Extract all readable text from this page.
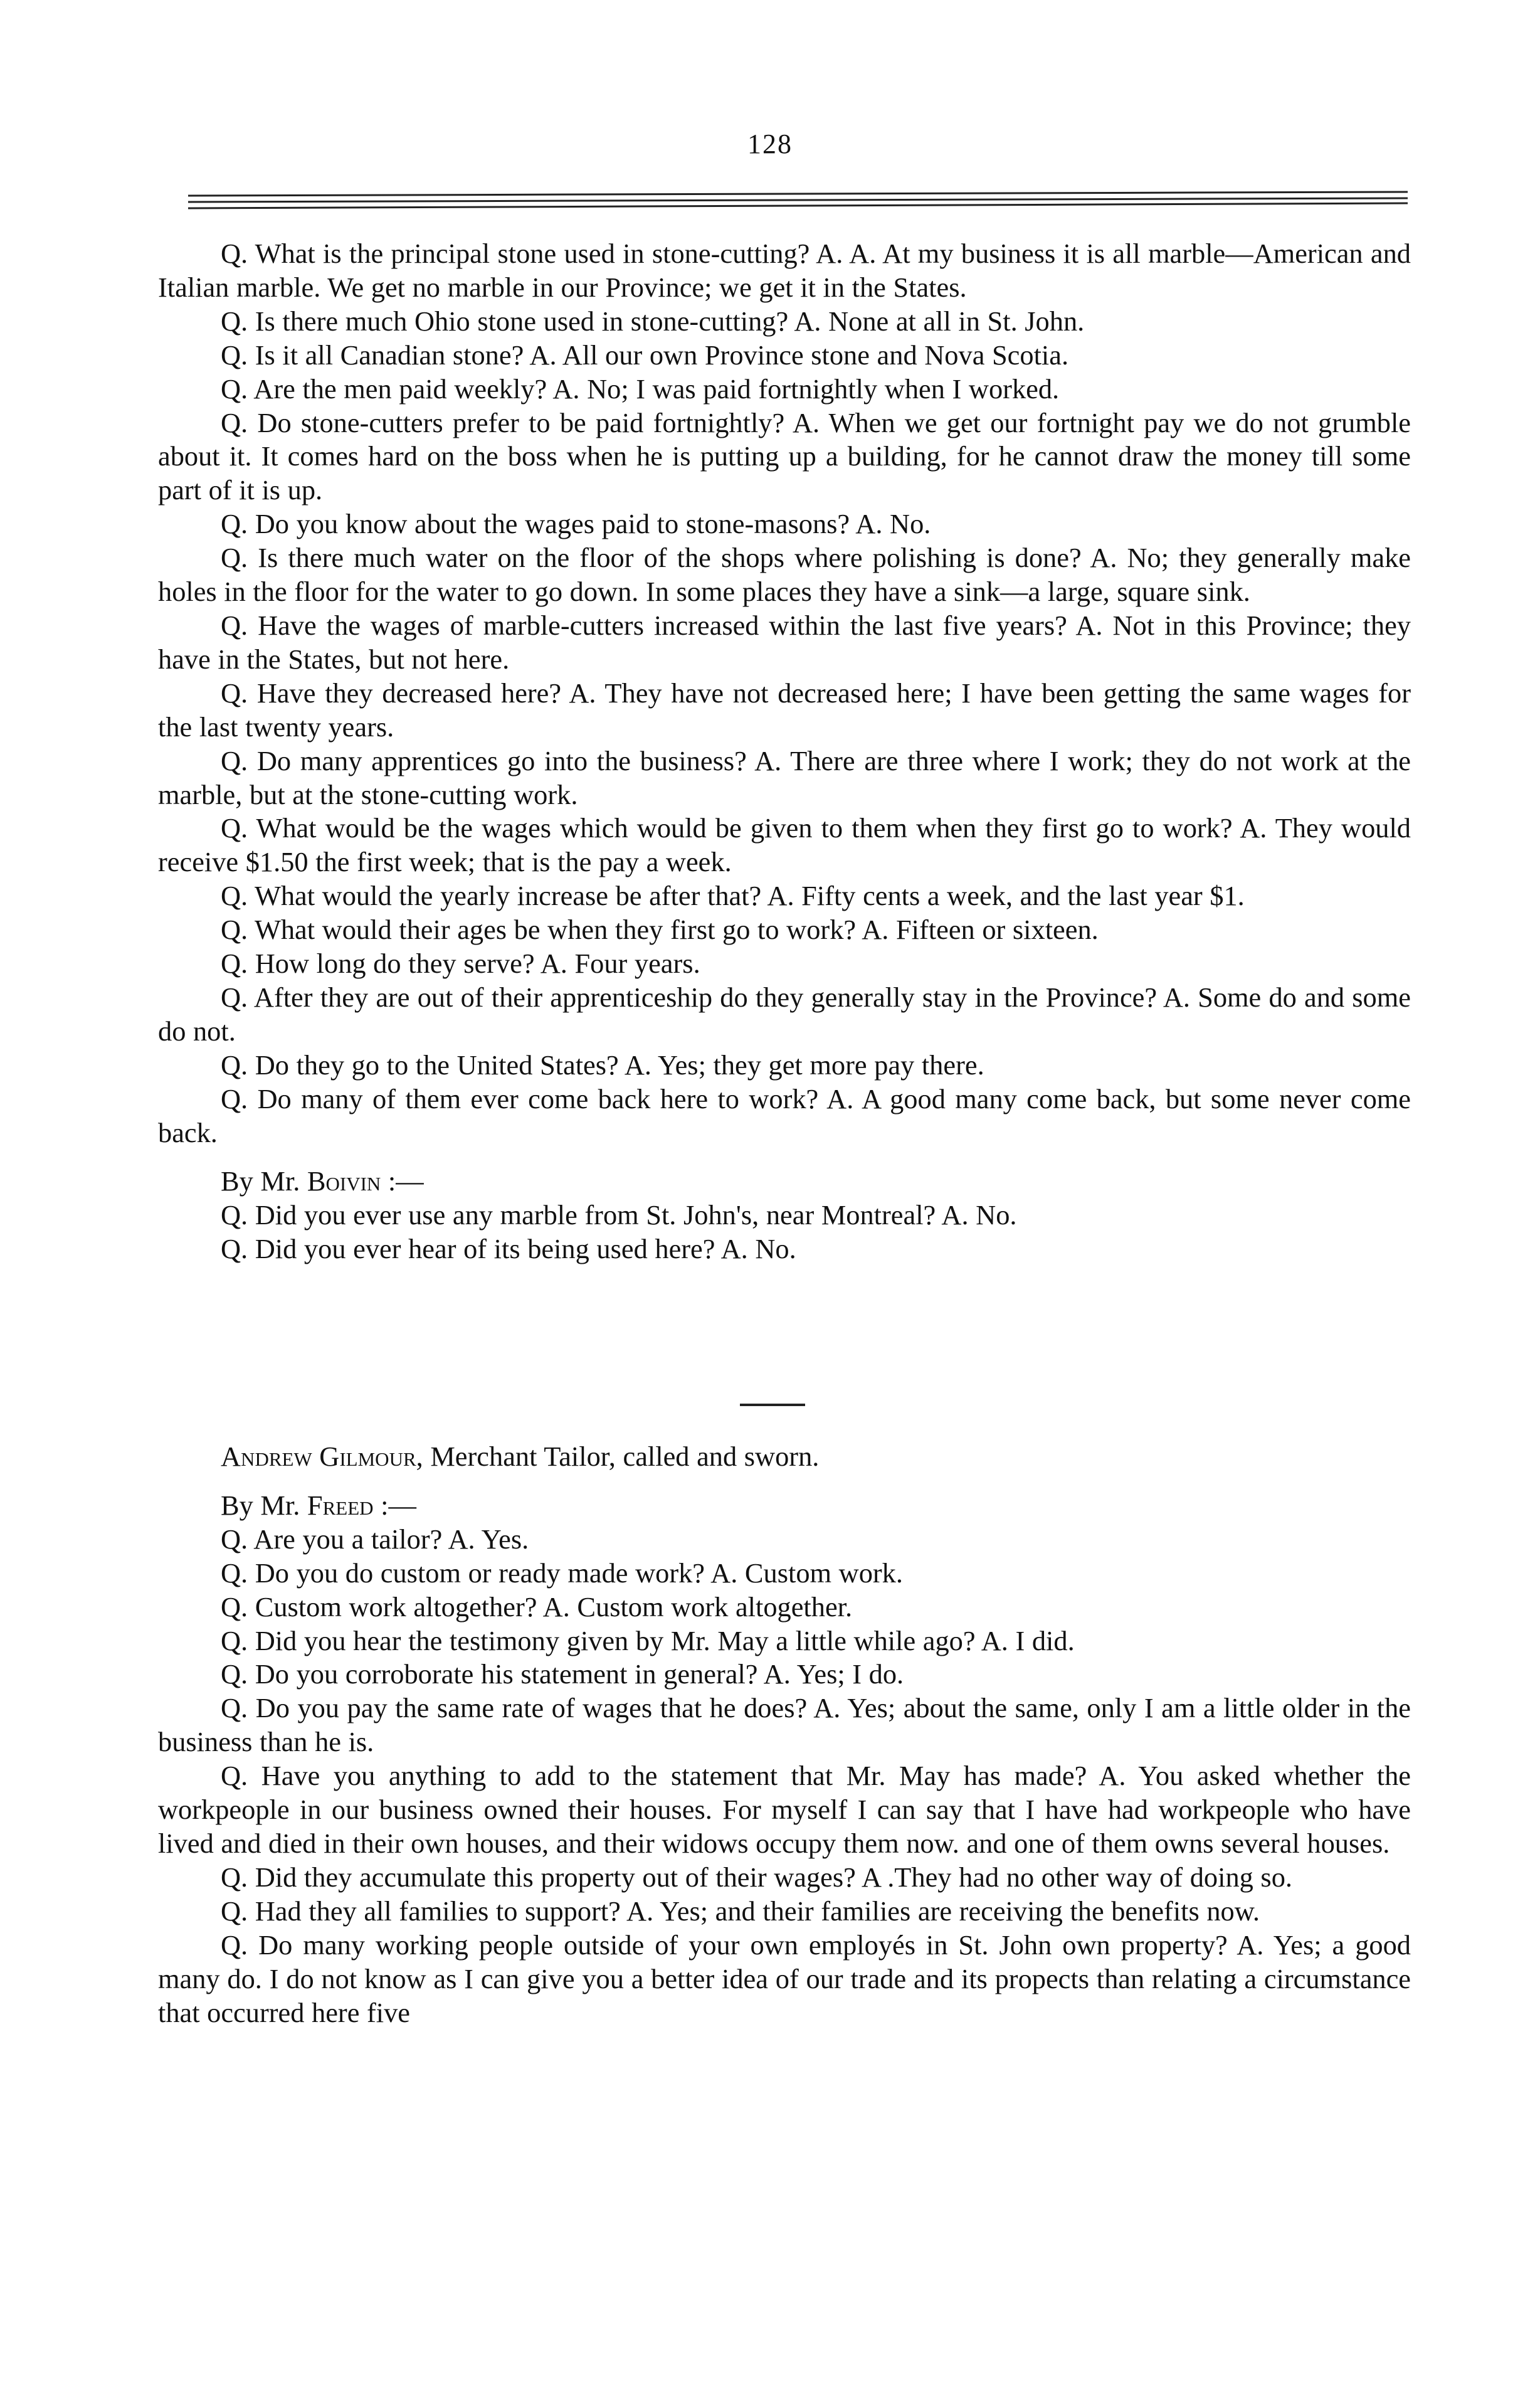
128

Q. What is the principal stone used in stone-cutting? A. A. At my business it is all marble—American and Italian marble. We get no marble in our Province; we get it in the States.

Q. Is there much Ohio stone used in stone-cutting? A. None at all in St. John.

Q. Is it all Canadian stone? A. All our own Province stone and Nova Scotia.

Q. Are the men paid weekly? A. No; I was paid fortnightly when I worked.

Q. Do stone-cutters prefer to be paid fortnightly? A. When we get our fortnight pay we do not grumble about it. It comes hard on the boss when he is putting up a building, for he cannot draw the money till some part of it is up.

Q. Do you know about the wages paid to stone-masons? A. No.

Q. Is there much water on the floor of the shops where polishing is done? A. No; they generally make holes in the floor for the water to go down. In some places they have a sink—a large, square sink.

Q. Have the wages of marble-cutters increased within the last five years? A. Not in this Province; they have in the States, but not here.

Q. Have they decreased here? A. They have not decreased here; I have been getting the same wages for the last twenty years.

Q. Do many apprentices go into the business? A. There are three where I work; they do not work at the marble, but at the stone-cutting work.

Q. What would be the wages which would be given to them when they first go to work? A. They would receive $1.50 the first week; that is the pay a week.

Q. What would the yearly increase be after that? A. Fifty cents a week, and the last year $1.

Q. What would their ages be when they first go to work? A. Fifteen or sixteen.

Q. How long do they serve? A. Four years.

Q. After they are out of their apprenticeship do they generally stay in the Province? A. Some do and some do not.

Q. Do they go to the United States? A. Yes; they get more pay there.

Q. Do many of them ever come back here to work? A. A good many come back, but some never come back.

By Mr. Boivin :—

Q. Did you ever use any marble from St. John's, near Montreal? A. No.

Q. Did you ever hear of its being used here? A. No.

Andrew Gilmour, Merchant Tailor, called and sworn.

By Mr. Freed :—

Q. Are you a tailor? A. Yes.

Q. Do you do custom or ready made work? A. Custom work.

Q. Custom work altogether? A. Custom work altogether.

Q. Did you hear the testimony given by Mr. May a little while ago? A. I did.

Q. Do you corroborate his statement in general? A. Yes; I do.

Q. Do you pay the same rate of wages that he does? A. Yes; about the same, only I am a little older in the business than he is.

Q. Have you anything to add to the statement that Mr. May has made? A. You asked whether the workpeople in our business owned their houses. For myself I can say that I have had workpeople who have lived and died in their own houses, and their widows occupy them now. and one of them owns several houses.

Q. Did they accumulate this property out of their wages? A .They had no other way of doing so.

Q. Had they all families to support? A. Yes; and their families are receiving the benefits now.

Q. Do many working people outside of your own employés in St. John own property? A. Yes; a good many do. I do not know as I can give you a better idea of our trade and its propects than relating a circumstance that occurred here five
